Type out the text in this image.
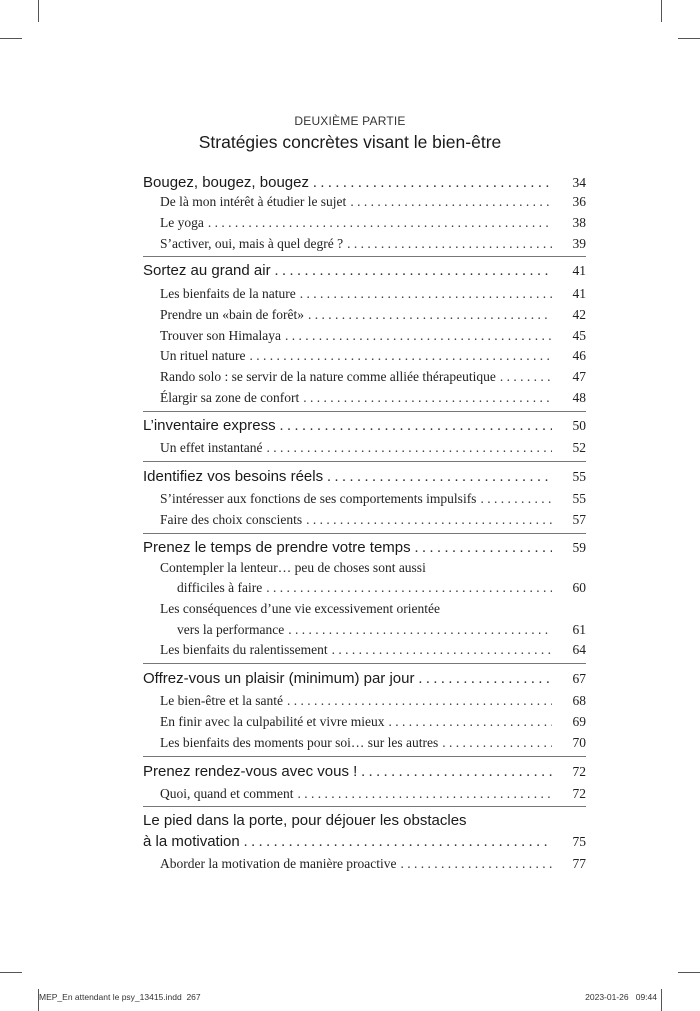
DEUXIÈME PARTIE
Stratégies concrètes visant le bien-être
Bougez, bougez, bougez . . .	34
De là mon intérêt à étudier le sujet . . .	36
Le yoga . . .	38
S’activer, oui, mais à quel degré ? . . .	39
Sortez au grand air . . .	41
Les bienfaits de la nature . . .	41
Prendre un «bain de forêt» . . .	42
Trouver son Himalaya . . .	45
Un rituel nature . . .	46
Rando solo : se servir de la nature comme alliée thérapeutique . . .	47
Élargir sa zone de confort . . .	48
L’inventaire express . . .	50
Un effet instantané . . .	52
Identifiez vos besoins réels . . .	55
S’intéresser aux fonctions de ses comportements impulsifs . . .	55
Faire des choix conscients . . .	57
Prenez le temps de prendre votre temps . . .	59
Contempler la lenteur… peu de choses sont aussi
difficiles à faire . . .	60
Les conséquences d’une vie excessivement orientée
vers la performance . . .	61
Les bienfaits du ralentissement . . .	64
Offrez-vous un plaisir (minimum) par jour . . .	67
Le bien-être et la santé . . .	68
En finir avec la culpabilité et vivre mieux . . .	69
Les bienfaits des moments pour soi… sur les autres . . .	70
Prenez rendez-vous avec vous ! . . .	72
Quoi, quand et comment . . .	72
Le pied dans la porte, pour déjouer les obstacles
à la motivation . . .	75
Aborder la motivation de manière proactive . . .	77
MEP_En attendant le psy_13415.indd 267	2023-01-26 09:44
